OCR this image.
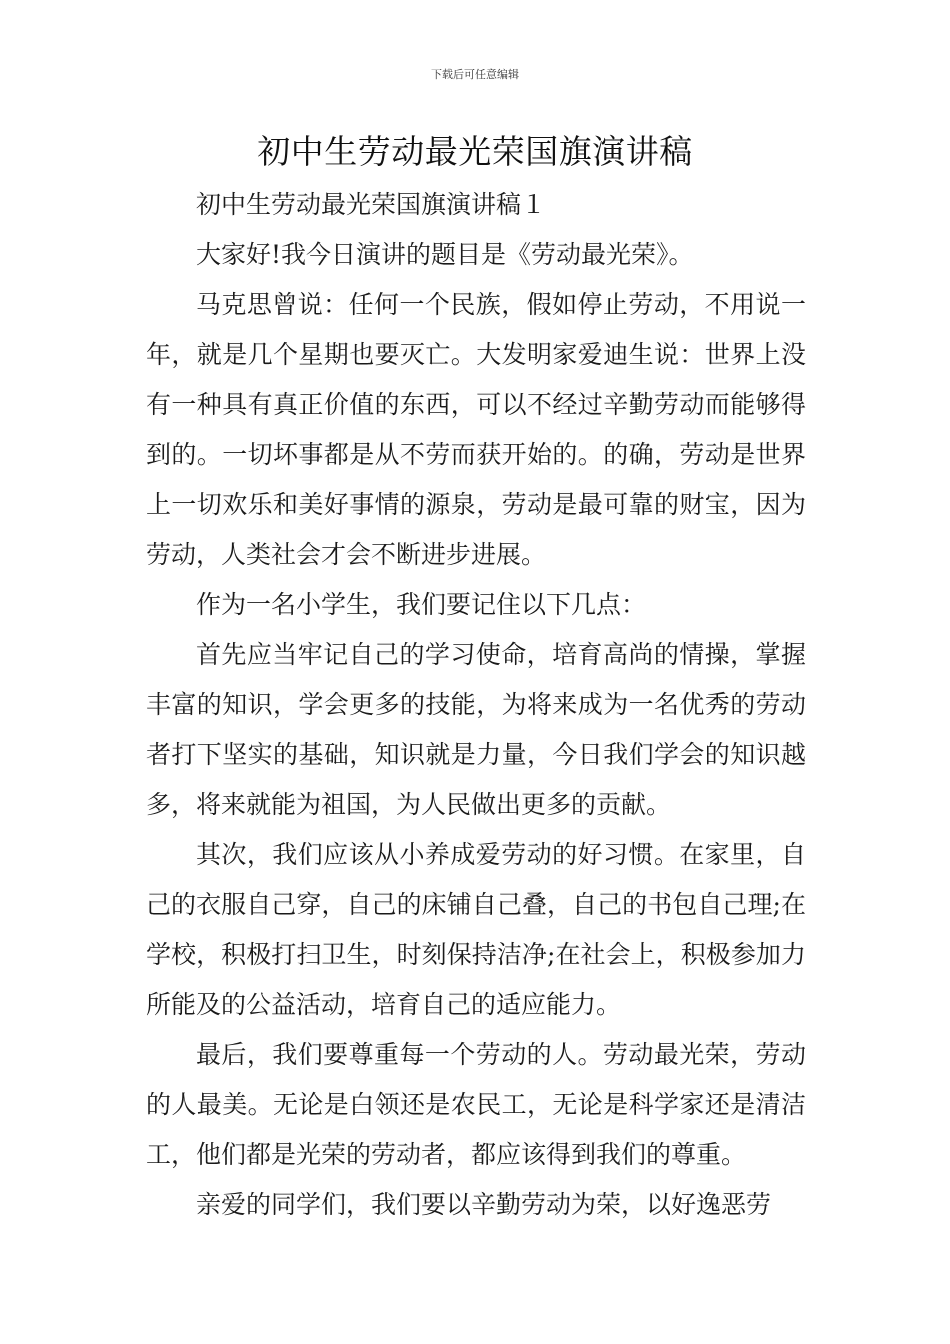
下载后可任意编辑
初中生劳动最光荣国旗演讲稿

初中生劳动最光荣国旗演讲稿１

大家好!我今日演讲的题目是《劳动最光荣》。

马克思曾说：任何一个民族，假如停止劳动，不用说一年，就是几个星期也要灭亡。大发明家爱迪生说：世界上没有一种具有真正价值的东西，可以不经过辛勤劳动而能够得到的。一切坏事都是从不劳而获开始的。的确，劳动是世界上一切欢乐和美好事情的源泉，劳动是最可靠的财宝，因为劳动，人类社会才会不断进步进展。

作为一名小学生，我们要记住以下几点：

首先应当牢记自己的学习使命，培育高尚的情操，掌握丰富的知识，学会更多的技能，为将来成为一名优秀的劳动者打下坚实的基础，知识就是力量，今日我们学会的知识越多，将来就能为祖国，为人民做出更多的贡献。

其次，我们应该从小养成爱劳动的好习惯。在家里，自己的衣服自己穿，自己的床铺自己叠，自己的书包自己理;在学校，积极打扫卫生，时刻保持洁净;在社会上，积极参加力所能及的公益活动，培育自己的适应能力。

最后，我们要尊重每一个劳动的人。劳动最光荣，劳动的人最美。无论是白领还是农民工，无论是科学家还是清洁工，他们都是光荣的劳动者，都应该得到我们的尊重。

亲爱的同学们，我们要以辛勤劳动为荣，以好逸恶劳
